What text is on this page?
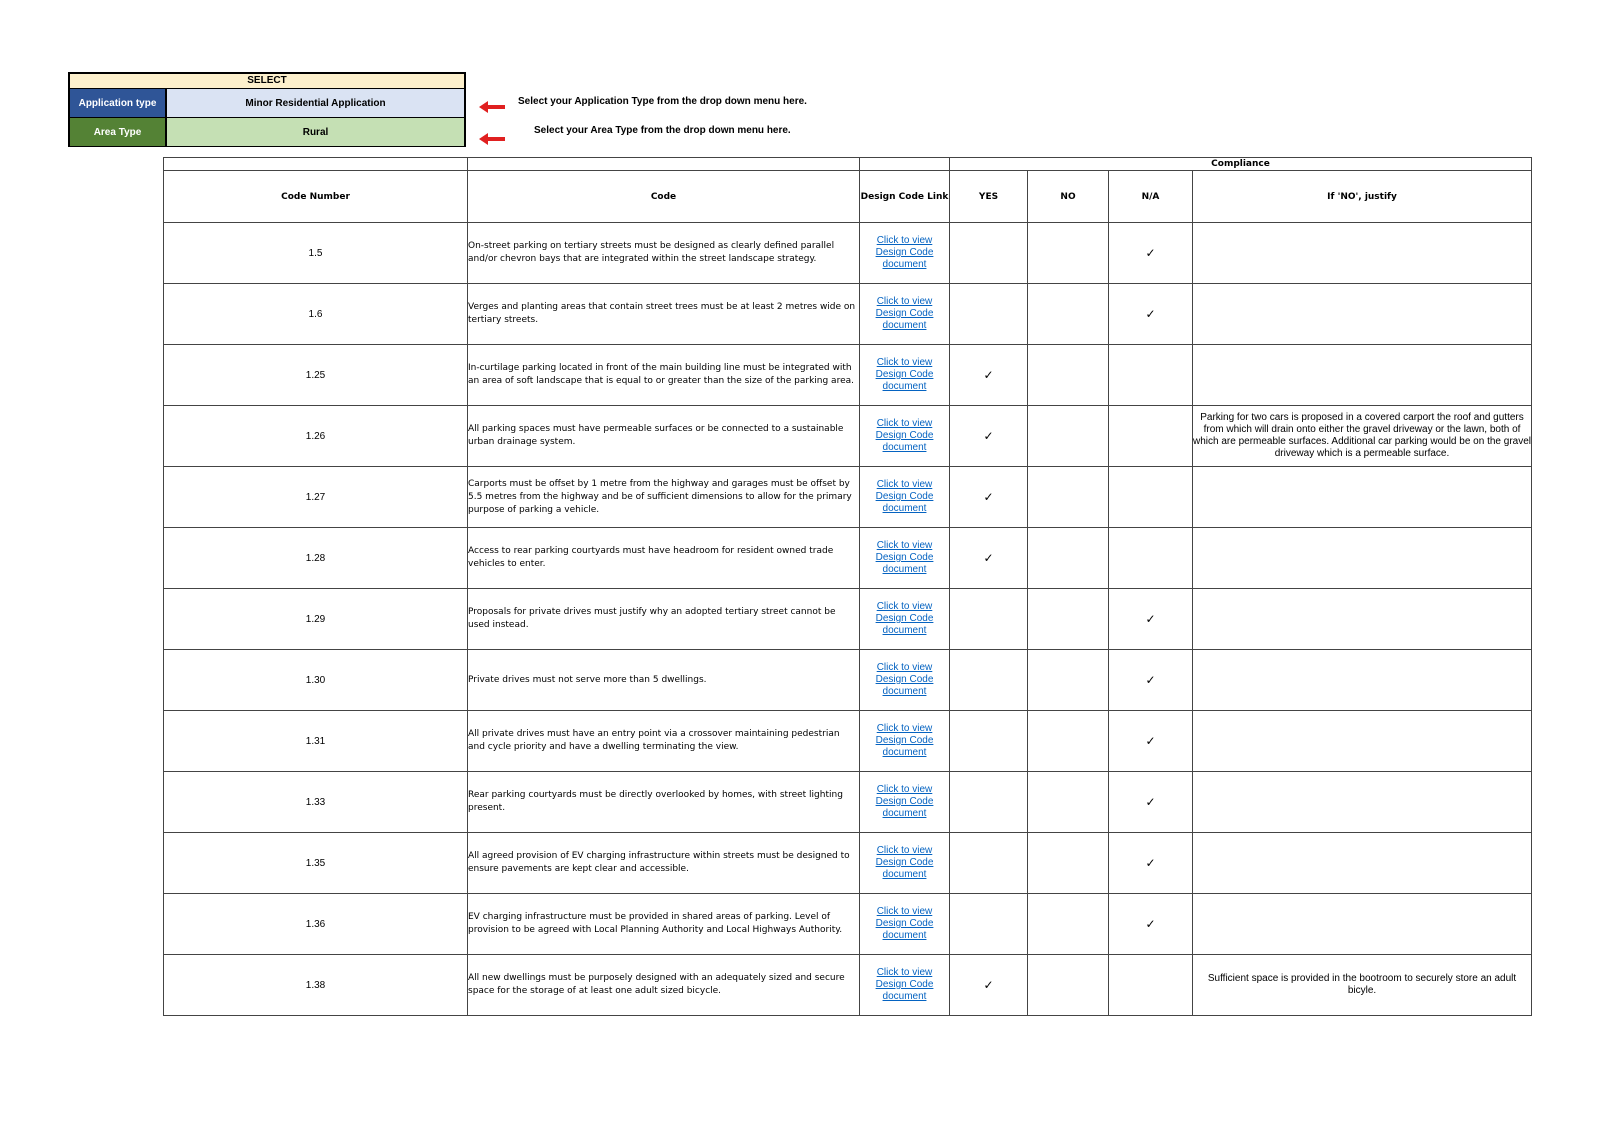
SELECT
Application type	Minor Residential Application
Area Type	Rural
Select your Application Type from the drop down menu here.
Select your Area Type from the drop down menu here.
			Compliance			
Code Number	Code	Design Code Link	YES	NO	N/A	If 'NO', justify
1.5	On-street parking on tertiary streets must be designed as clearly defined parallel and/or chevron bays that are integrated within the street landscape strategy.	Click to view Design Code document			✓	
1.6	Verges and planting areas that contain street trees must be at least 2 metres wide on tertiary streets.	Click to view Design Code document			✓	
1.25	In-curtilage parking located in front of the main building line must be integrated with an area of soft landscape that is equal to or greater than the size of the parking area.	Click to view Design Code document	✓			
1.26	All parking spaces must have permeable surfaces or be connected to a sustainable urban drainage system.	Click to view Design Code document	✓			Parking for two cars is proposed in a covered carport the roof and gutters from which will drain onto either the gravel driveway or the lawn, both of which are permeable surfaces. Additional car parking would be on the gravel driveway which is a permeable surface.
1.27	Carports must be offset by 1 metre from the highway and garages must be offset by 5.5 metres from the highway and be of sufficient dimensions to allow for the primary purpose of parking a vehicle.	Click to view Design Code document	✓			
1.28	Access to rear parking courtyards must have headroom for resident owned trade vehicles to enter.	Click to view Design Code document	✓			
1.29	Proposals for private drives must justify why an adopted tertiary street cannot be used instead.	Click to view Design Code document			✓	
1.30	Private drives must not serve more than 5 dwellings.	Click to view Design Code document			✓	
1.31	All private drives must have an entry point via a crossover maintaining pedestrian and cycle priority and have a dwelling terminating the view.	Click to view Design Code document			✓	
1.33	Rear parking courtyards must be directly overlooked by homes, with street lighting present.	Click to view Design Code document			✓	
1.35	All agreed provision of EV charging infrastructure within streets must be designed to ensure pavements are kept clear and accessible.	Click to view Design Code document			✓	
1.36	EV charging infrastructure must be provided in shared areas of parking. Level of provision to be agreed with Local Planning Authority and Local Highways Authority.	Click to view Design Code document			✓	
1.38	All new dwellings must be purposely designed with an adequately sized and secure space for the storage of at least one adult sized bicycle.	Click to view Design Code document	✓			Sufficient space is provided in the bootroom to securely store an adult bicyle.
